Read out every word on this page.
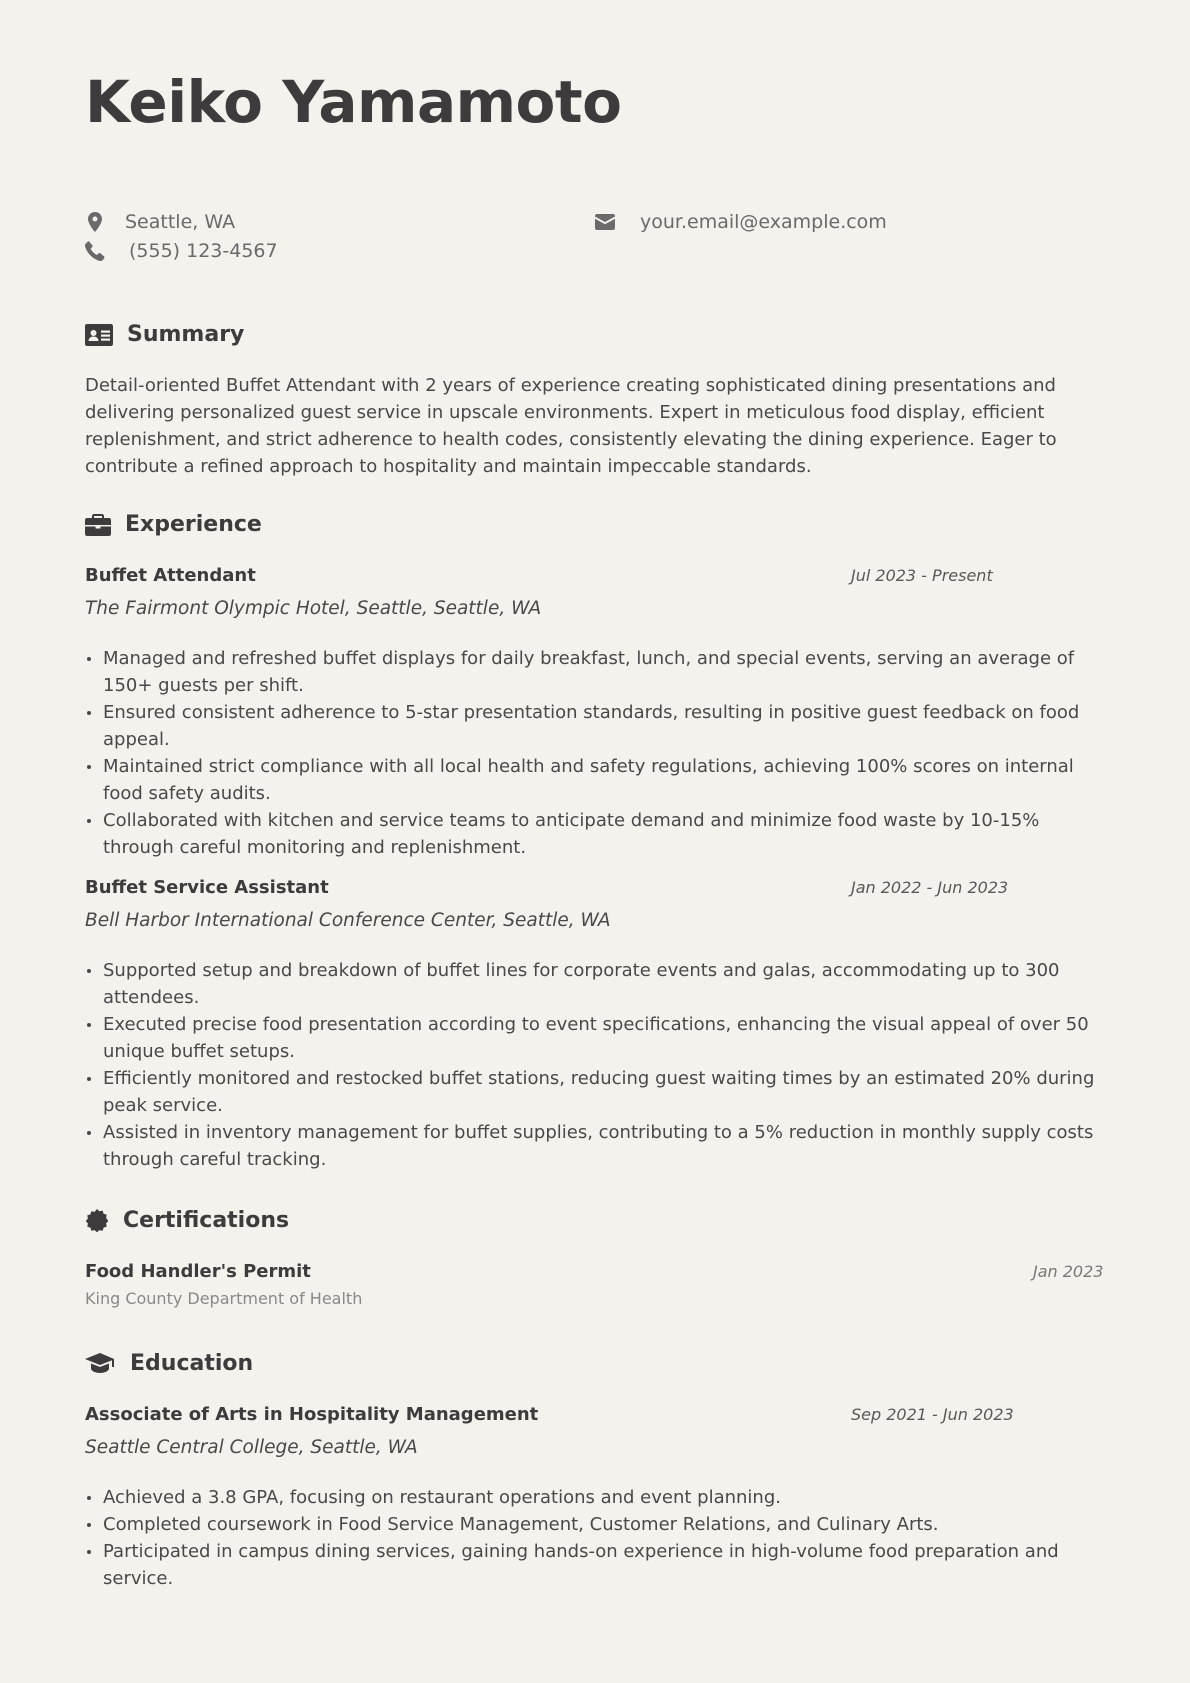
Keiko Yamamoto
Seattle, WA
(555) 123-4567
your.email@example.com
Summary

Detail-oriented Buffet Attendant with 2 years of experience creating sophisticated dining presentations and delivering personalized guest service in upscale environments. Expert in meticulous food display, efficient replenishment, and strict adherence to health codes, consistently elevating the dining experience. Eager to contribute a refined approach to hospitality and maintain impeccable standards.

Experience
Buffet Attendant	Jul 2023 - Present
The Fairmont Olympic Hotel, Seattle, Seattle, WA
Managed and refreshed buffet displays for daily breakfast, lunch, and special events, serving an average of 150+ guests per shift.
Ensured consistent adherence to 5-star presentation standards, resulting in positive guest feedback on food appeal.
Maintained strict compliance with all local health and safety regulations, achieving 100% scores on internal food safety audits.
Collaborated with kitchen and service teams to anticipate demand and minimize food waste by 10-15% through careful monitoring and replenishment.
Buffet Service Assistant	Jan 2022 - Jun 2023
Bell Harbor International Conference Center, Seattle, WA
Supported setup and breakdown of buffet lines for corporate events and galas, accommodating up to 300 attendees.
Executed precise food presentation according to event specifications, enhancing the visual appeal of over 50 unique buffet setups.
Efficiently monitored and restocked buffet stations, reducing guest waiting times by an estimated 20% during peak service.
Assisted in inventory management for buffet supplies, contributing to a 5% reduction in monthly supply costs through careful tracking.
Certifications
Food Handler's Permit	Jan 2023
King County Department of Health
Education
Associate of Arts in Hospitality Management	Sep 2021 - Jun 2023
Seattle Central College, Seattle, WA
Achieved a 3.8 GPA, focusing on restaurant operations and event planning.
Completed coursework in Food Service Management, Customer Relations, and Culinary Arts.
Participated in campus dining services, gaining hands-on experience in high-volume food preparation and service.
